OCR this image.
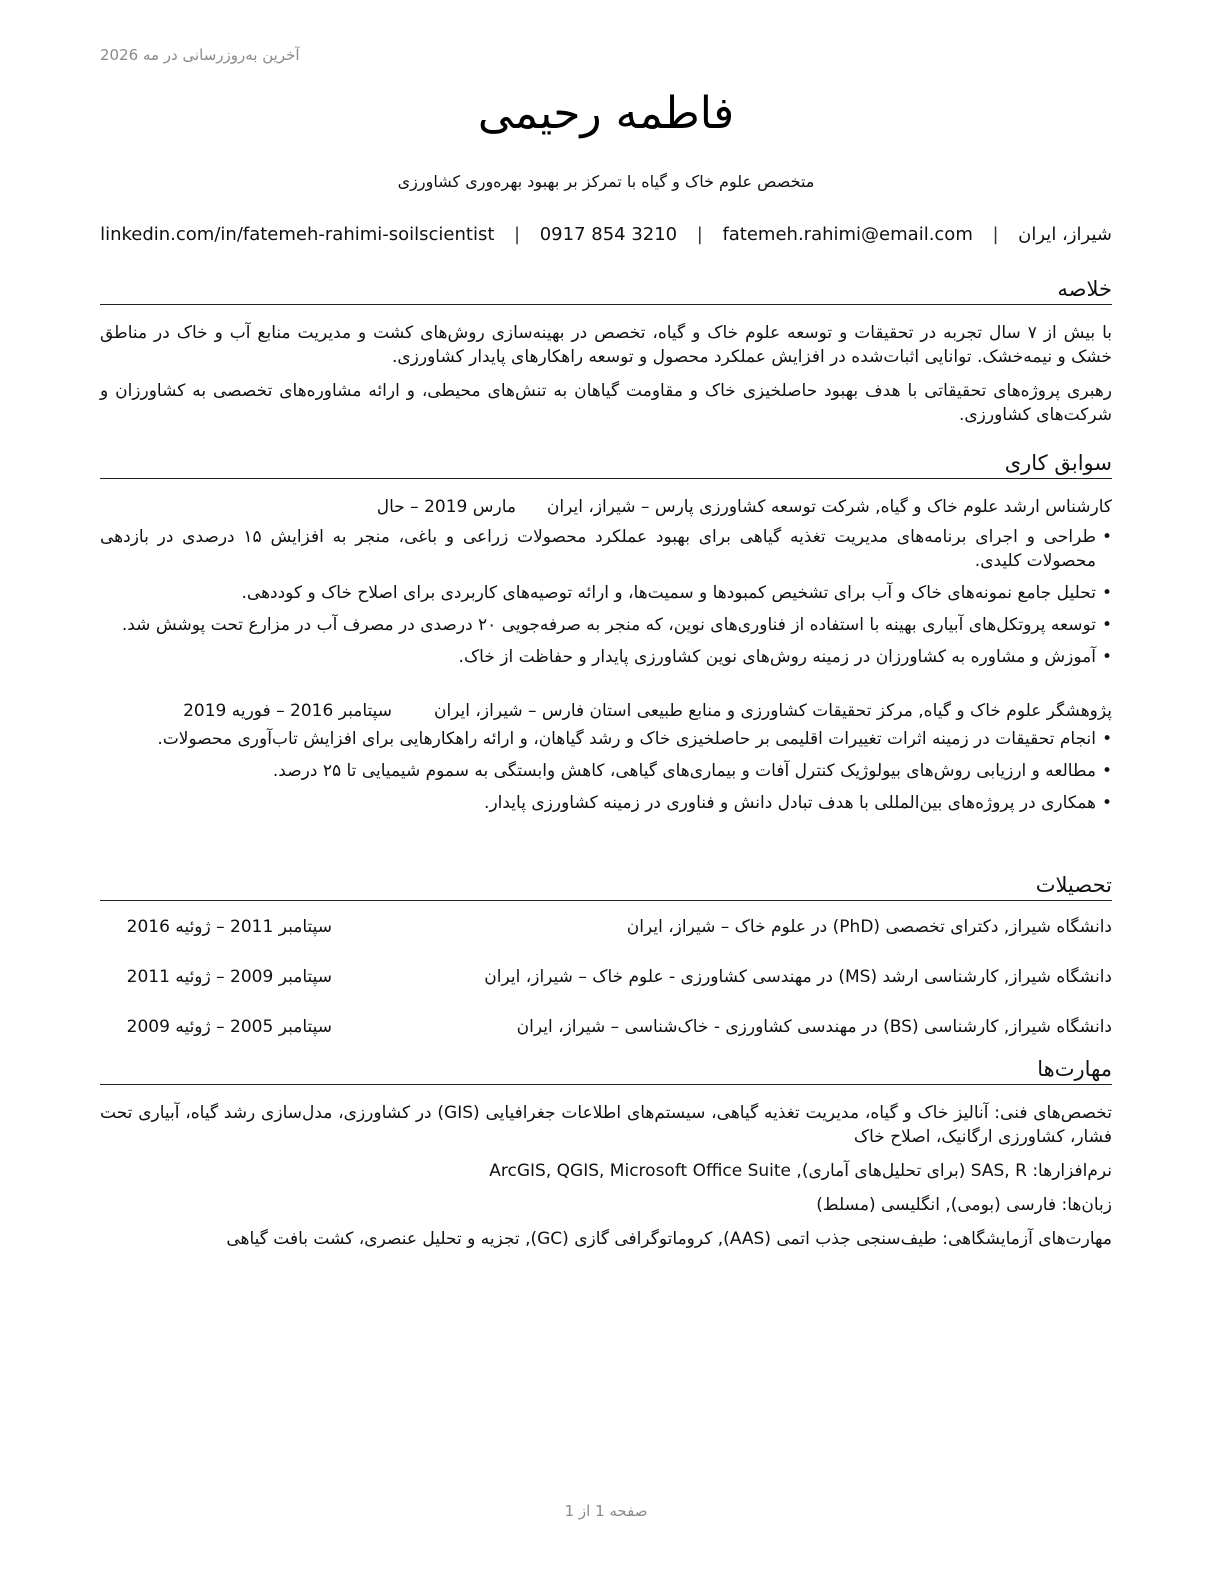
آخرین به‌روزرسانی در مه 2026
فاطمه رحیمی
متخصص علوم خاک و گیاه با تمرکز بر بهبود بهره‌وری کشاورزی
شیراز، ایران
|
fatemeh.rahimi@email.com
|
0917 854 3210
|
linkedin.com/in/fatemeh-rahimi-soilscientist
خلاصه

با بیش از ۷ سال تجربه در تحقیقات و توسعه علوم خاک و گیاه، تخصص در بهینه‌سازی روش‌های کشت و مدیریت منابع آب و خاک در مناطق خشک و نیمه‌خشک. توانایی اثبات‌شده در افزایش عملکرد محصول و توسعه راهکارهای پایدار کشاورزی.

رهبری پروژه‌های تحقیقاتی با هدف بهبود حاصلخیزی خاک و مقاومت گیاهان به تنش‌های محیطی، و ارائه مشاوره‌های تخصصی به کشاورزان و شرکت‌های کشاورزی.

سوابق کاری
کارشناس ارشد علوم خاک و گیاه, شرکت توسعه کشاورزی پارس – شیراز، ایران
مارس 2019 – حال
•
طراحی و اجرای برنامه‌های مدیریت تغذیه گیاهی برای بهبود عملکرد محصولات زراعی و باغی، منجر به افزایش ۱۵ درصدی در بازدهی محصولات کلیدی.
•
تحلیل جامع نمونه‌های خاک و آب برای تشخیص کمبودها و سمیت‌ها، و ارائه توصیه‌های کاربردی برای اصلاح خاک و کوددهی.
•
توسعه پروتکل‌های آبیاری بهینه با استفاده از فناوری‌های نوین، که منجر به صرفه‌جویی ۲۰ درصدی در مصرف آب در مزارع تحت پوشش شد.
•
آموزش و مشاوره به کشاورزان در زمینه روش‌های نوین کشاورزی پایدار و حفاظت از خاک.
پژوهشگر علوم خاک و گیاه, مرکز تحقیقات کشاورزی و منابع طبیعی استان فارس – شیراز، ایران
سپتامبر 2016 – فوریه 2019
•
انجام تحقیقات در زمینه اثرات تغییرات اقلیمی بر حاصلخیزی خاک و رشد گیاهان، و ارائه راهکارهایی برای افزایش تاب‌آوری محصولات.
•
مطالعه و ارزیابی روش‌های بیولوژیک کنترل آفات و بیماری‌های گیاهی، کاهش وابستگی به سموم شیمیایی تا ۲۵ درصد.
•
همکاری در پروژه‌های بین‌المللی با هدف تبادل دانش و فناوری در زمینه کشاورزی پایدار.
تحصیلات
دانشگاه شیراز, دکترای تخصصی (PhD) در علوم خاک – شیراز، ایران
سپتامبر 2011 – ژوئیه 2016
دانشگاه شیراز, کارشناسی ارشد (MS) در مهندسی کشاورزی - علوم خاک – شیراز، ایران
سپتامبر 2009 – ژوئیه 2011
دانشگاه شیراز, کارشناسی (BS) در مهندسی کشاورزی - خاک‌شناسی – شیراز، ایران
سپتامبر 2005 – ژوئیه 2009
مهارت‌ها

تخصص‌های فنی: آنالیز خاک و گیاه، مدیریت تغذیه گیاهی، سیستم‌های اطلاعات جغرافیایی (GIS) در کشاورزی، مدل‌سازی رشد گیاه، آبیاری تحت فشار، کشاورزی ارگانیک، اصلاح خاک

نرم‌افزارها: SAS, R (برای تحلیل‌های آماری), ArcGIS, QGIS, Microsoft Office Suite

زبان‌ها: فارسی (بومی), انگلیسی (مسلط)

مهارت‌های آزمایشگاهی: طیف‌سنجی جذب اتمی (AAS), کروماتوگرافی گازی (GC), تجزیه و تحلیل عنصری، کشت بافت گیاهی

صفحه 1 از 1
